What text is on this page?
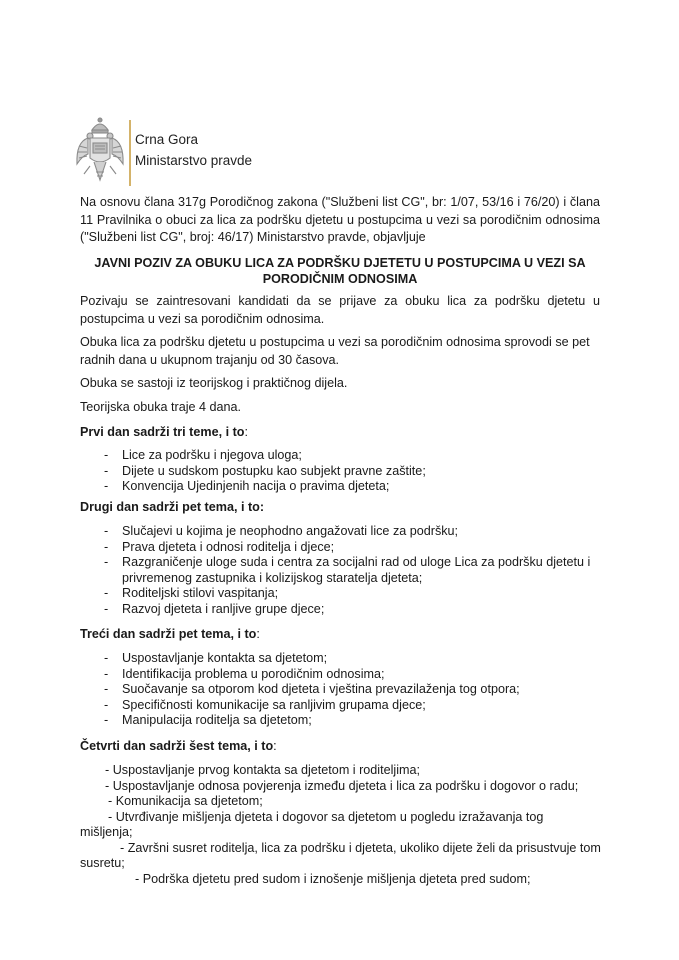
Crna Gora
Ministarstvo pravde
Na osnovu člana 317g Porodičnog zakona ("Službeni list CG", br: 1/07, 53/16 i 76/20) i člana 11 Pravilnika o obuci za lica za podršku djetetu u postupcima u vezi sa porodičnim odnosima ("Službeni list CG", broj: 46/17) Ministarstvo pravde, objavljuje
JAVNI POZIV ZA OBUKU LICA ZA PODRŠKU DJETETU U POSTUPCIMA U VEZI SA
PORODIČNIM ODNOSIMA
Pozivaju se zaintresovani kandidati da se prijave za obuku lica za podršku djetetu u postupcima u vezi sa porodičnim odnosima.
Obuka lica za podršku djetetu u postupcima u vezi sa porodičnim odnosima sprovodi se pet radnih dana u ukupnom trajanju od 30 časova.
Obuka se sastoji iz teorijskog i praktičnog dijela.
Teorijska obuka traje 4 dana.
Prvi dan sadrži tri teme, i to:
- Lice za podršku i njegova uloga;
- Dijete u sudskom postupku kao subjekt pravne zaštite;
- Konvencija Ujedinjenih nacija o pravima djeteta;
Drugi dan sadrži pet tema, i to:
- Slučajevi u kojima je neophodno angažovati lice za podršku;
- Prava djeteta i odnosi roditelja i djece;
- Razgraničenje uloge suda i centra za socijalni rad od uloge Lica za podršku djetetu i
privremenog zastupnika i kolizijskog staratelja djeteta;
- Roditeljski stilovi vaspitanja;
- Razvoj djeteta i ranljive grupe djece;
Treći dan sadrži pet tema, i to:
- Uspostavljanje kontakta sa djetetom;
- Identifikacija problema u porodičnim odnosima;
- Suočavanje sa otporom kod djeteta i vještina prevazilaženja tog otpora;
- Specifičnosti komunikacije sa ranljivim grupama djece;
- Manipulacija roditelja sa djetetom;
Četvrti dan sadrži šest tema, i to:
- Uspostavljanje prvog kontakta sa djetetom i roditeljima;
- Uspostavljanje odnosa povjerenja između djeteta i lica za podršku i dogovor o radu;
- Komunikacija sa djetetom;
- Utvrđivanje mišljenja djeteta i dogovor sa djetetom u pogledu izražavanja tog
mišljenja;
- Završni susret roditelja, lica za podršku i djeteta, ukoliko dijete želi da prisustvuje tom
susretu;
- Podrška djetetu pred sudom i iznošenje mišljenja djeteta pred sudom;
